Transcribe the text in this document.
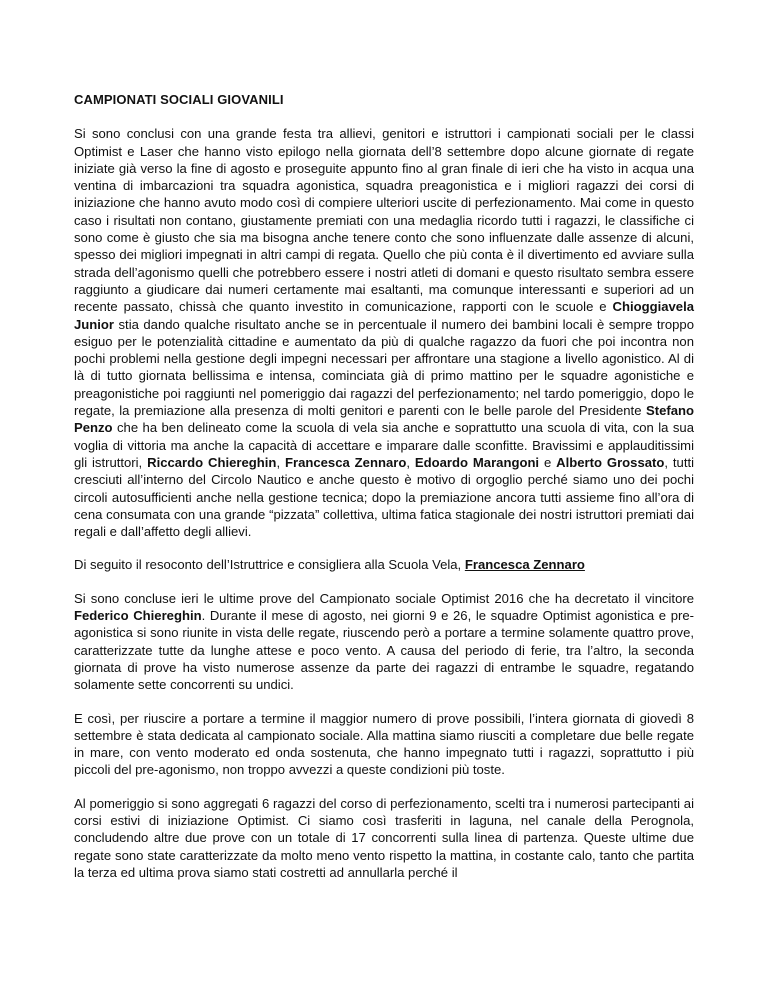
CAMPIONATI SOCIALI GIOVANILI

Si sono conclusi con una grande festa tra allievi, genitori e istruttori i campionati sociali per le classi Optimist e Laser che hanno visto epilogo nella giornata dell’8 settembre dopo alcune giornate di regate iniziate già verso la fine di agosto e proseguite appunto fino al gran finale di ieri che ha visto in acqua una ventina di imbarcazioni tra squadra agonistica, squadra preagonistica e i migliori ragazzi dei corsi di iniziazione che hanno avuto modo così di compiere ulteriori uscite di perfezionamento. Mai come in questo caso i risultati non contano, giustamente premiati con una medaglia ricordo tutti i ragazzi, le classifiche ci sono come è giusto che sia ma bisogna anche tenere conto che sono influenzate dalle assenze di alcuni, spesso dei migliori impegnati in altri campi di regata. Quello che più conta è il divertimento ed avviare sulla strada dell’agonismo quelli che potrebbero essere i nostri atleti di domani e questo risultato sembra essere raggiunto a giudicare dai numeri certamente mai esaltanti, ma comunque interessanti e superiori ad un recente passato, chissà che quanto investito in comunicazione, rapporti con le scuole e Chioggiavela Junior stia dando qualche risultato anche se in percentuale il numero dei bambini locali è sempre troppo esiguo per le potenzialità cittadine e aumentato da più di qualche ragazzo da fuori che poi incontra non pochi problemi nella gestione degli impegni necessari per affrontare una stagione a livello agonistico. Al di là di tutto giornata bellissima e intensa, cominciata già di primo mattino per le squadre agonistiche e preagonistiche poi raggiunti nel pomeriggio dai ragazzi del perfezionamento; nel tardo pomeriggio, dopo le regate, la premiazione alla presenza di molti genitori e parenti con le belle parole del Presidente Stefano Penzo che ha ben delineato come la scuola di vela sia anche e soprattutto una scuola di vita, con la sua voglia di vittoria ma anche la capacità di accettare e imparare dalle sconfitte. Bravissimi e applauditissimi gli istruttori, Riccardo Chiereghin, Francesca Zennaro, Edoardo Marangoni e Alberto Grossato, tutti cresciuti all’interno del Circolo Nautico e anche questo è motivo di orgoglio perché siamo uno dei pochi circoli autosufficienti anche nella gestione tecnica; dopo la premiazione ancora tutti assieme fino all’ora di cena consumata con una grande “pizzata” collettiva, ultima fatica stagionale dei nostri istruttori premiati dai regali e dall’affetto degli allievi.

Di seguito il resoconto dell’Istruttrice e consigliera alla Scuola Vela, Francesca Zennaro

Si sono concluse ieri le ultime prove del Campionato sociale Optimist 2016 che ha decretato il vincitore Federico Chiereghin. Durante il mese di agosto, nei giorni 9 e 26, le squadre Optimist agonistica e pre-agonistica si sono riunite in vista delle regate, riuscendo però a portare a termine solamente quattro prove, caratterizzate tutte da lunghe attese e poco vento. A causa del periodo di ferie, tra l’altro, la seconda giornata di prove ha visto numerose assenze da parte dei ragazzi di entrambe le squadre, regatando solamente sette concorrenti su undici.

E così, per riuscire a portare a termine il maggior numero di prove possibili, l’intera giornata di giovedì 8 settembre è stata dedicata al campionato sociale. Alla mattina siamo riusciti a completare due belle regate in mare, con vento moderato ed onda sostenuta, che hanno impegnato tutti i ragazzi, soprattutto i più piccoli del pre-agonismo, non troppo avvezzi a queste condizioni più toste.

Al pomeriggio si sono aggregati 6 ragazzi del corso di perfezionamento, scelti tra i numerosi partecipanti ai corsi estivi di iniziazione Optimist. Ci siamo così trasferiti in laguna, nel canale della Perognola, concludendo altre due prove con un totale di 17 concorrenti sulla linea di partenza. Queste ultime due regate sono state caratterizzate da molto meno vento rispetto la mattina, in costante calo, tanto che partita la terza ed ultima prova siamo stati costretti ad annullarla perché il
